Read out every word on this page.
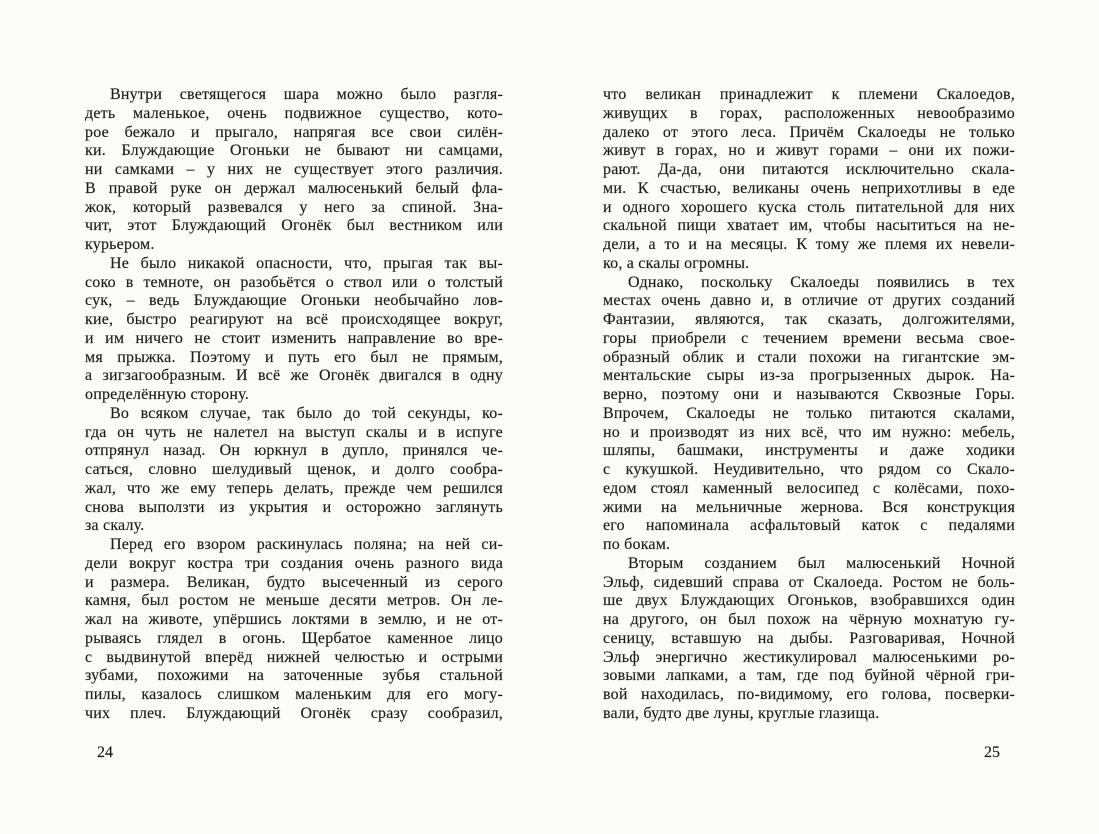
Внутри светящегося шара можно было разгля-
деть маленькое, очень подвижное существо, кото-
рое бежало и прыгало, напрягая все свои силён-
ки. Блуждающие Огоньки не бывают ни самцами,
ни самками – у них не существует этого различия.
В правой руке он держал малюсенький белый фла-
жок, который развевался у него за спиной. Зна-
чит, этот Блуждающий Огонёк был вестником или
курьером.
Не было никакой опасности, что, прыгая так вы-
соко в темноте, он разобьётся о ствол или о толстый
сук, – ведь Блуждающие Огоньки необычайно лов-
кие, быстро реагируют на всё происходящее вокруг,
и им ничего не стоит изменить направление во вре-
мя прыжка. Поэтому и путь его был не прямым,
а зигзагообразным. И всё же Огонёк двигался в одну
определённую сторону.
Во всяком случае, так было до той секунды, ко-
гда он чуть не налетел на выступ скалы и в испуге
отпрянул назад. Он юркнул в дупло, принялся че-
саться, словно шелудивый щенок, и долго сообра-
жал, что же ему теперь делать, прежде чем решился
снова выползти из укрытия и осторожно заглянуть
за скалу.
Перед его взором раскинулась поляна; на ней си-
дели вокруг костра три создания очень разного вида
и размера. Великан, будто высеченный из серого
камня, был ростом не меньше десяти метров. Он ле-
жал на животе, упёршись локтями в землю, и не от-
рываясь глядел в огонь. Щербатое каменное лицо
с выдвинутой вперёд нижней челюстью и острыми
зубами, похожими на заточенные зубья стальной
пилы, казалось слишком маленьким для его могу-
чих плеч. Блуждающий Огонёк сразу сообразил,
24
что великан принадлежит к племени Скалоедов,
живущих в горах, расположенных невообразимо
далеко от этого леса. Причём Скалоеды не только
живут в горах, но и живут горами – они их пожи-
рают. Да-да, они питаются исключительно скала-
ми. К счастью, великаны очень неприхотливы в еде
и одного хорошего куска столь питательной для них
скальной пищи хватает им, чтобы насытиться на не-
дели, а то и на месяцы. К тому же племя их невели-
ко, а скалы огромны.
Однако, поскольку Скалоеды появились в тех
местах очень давно и, в отличие от других созданий
Фантазии, являются, так сказать, долгожителями,
горы приобрели с течением времени весьма свое-
образный облик и стали похожи на гигантские эм-
ментальские сыры из-за прогрызенных дырок. На-
верно, поэтому они и называются Сквозные Горы.
Впрочем, Скалоеды не только питаются скалами,
но и производят из них всё, что им нужно: мебель,
шляпы, башмаки, инструменты и даже ходики
с кукушкой. Неудивительно, что рядом со Скало-
едом стоял каменный велосипед с колёсами, похо-
жими на мельничные жернова. Вся конструкция
его напоминала асфальтовый каток с педалями
по бокам.
Вторым созданием был малюсенький Ночной
Эльф, сидевший справа от Скалоеда. Ростом не боль-
ше двух Блуждающих Огоньков, взобравшихся один
на другого, он был похож на чёрную мохнатую гу-
сеницу, вставшую на дыбы. Разговаривая, Ночной
Эльф энергично жестикулировал малюсенькими ро-
зовыми лапками, а там, где под буйной чёрной гри-
вой находилась, по-видимому, его голова, посверки-
вали, будто две луны, круглые глазища.
25
